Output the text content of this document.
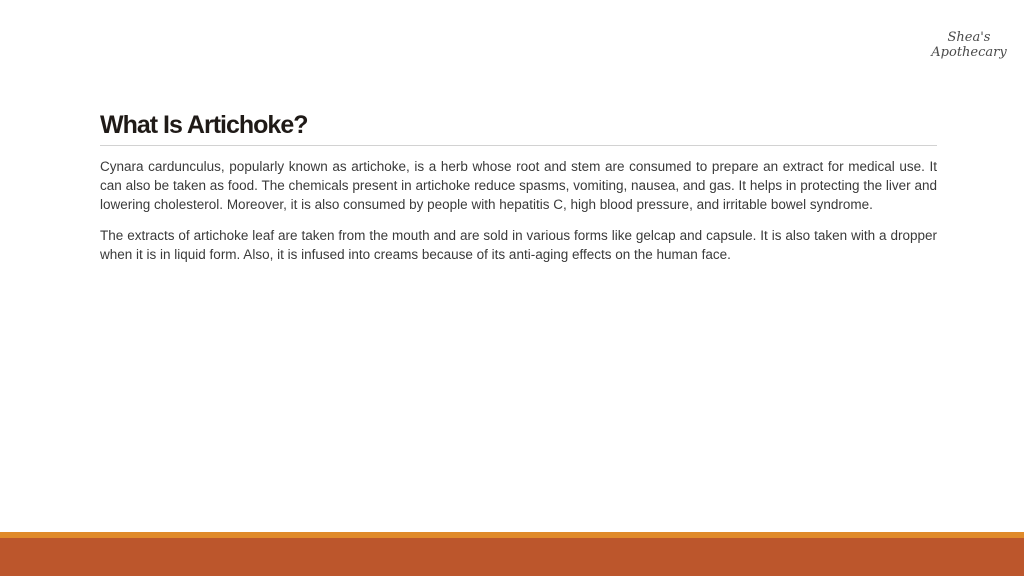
Shea's
Apothecary
What Is Artichoke?

Cynara cardunculus, popularly known as artichoke, is a herb whose root and stem are consumed to prepare an extract for medical use. It can also be taken as food. The chemicals present in artichoke reduce spasms, vomiting, nausea, and gas. It helps in protecting the liver and lowering cholesterol. Moreover, it is also consumed by people with hepatitis C, high blood pressure, and irritable bowel syndrome.

The extracts of artichoke leaf are taken from the mouth and are sold in various forms like gelcap and capsule. It is also taken with a dropper when it is in liquid form. Also, it is infused into creams because of its anti-aging effects on the human face.
